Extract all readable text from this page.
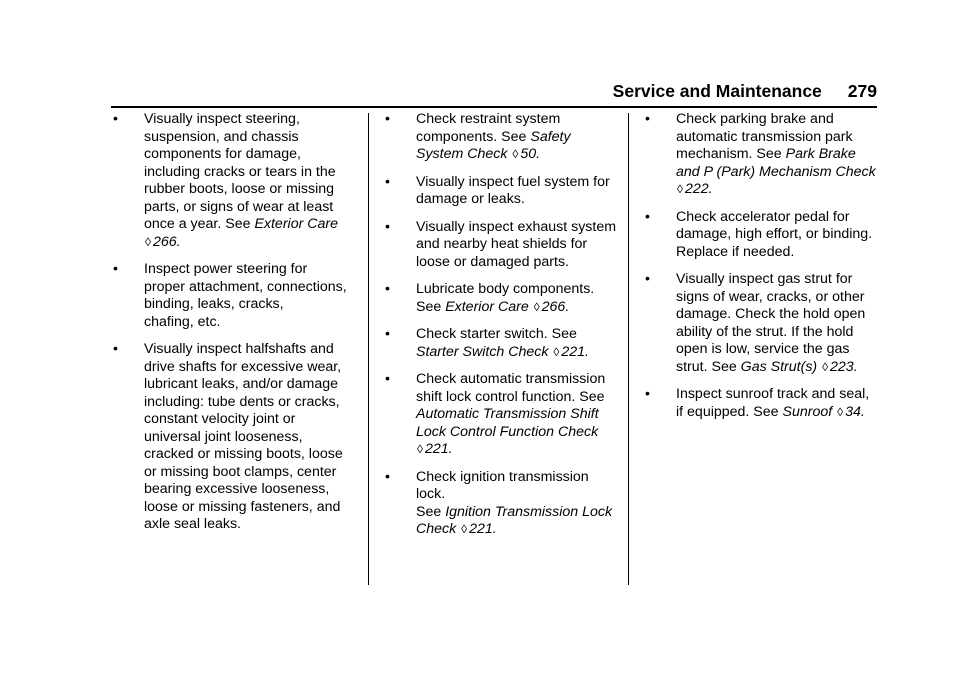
Service and Maintenance 279
• Visually inspect steering,
suspension, and chassis
components for damage,
including cracks or tears in the
rubber boots, loose or missing
parts, or signs of wear at least
once a year. See Exterior Care ◊ 266.
• Inspect power steering for
proper attachment, connections,
binding, leaks, cracks,
chafing, etc.
• Visually inspect halfshafts and
drive shafts for excessive wear,
lubricant leaks, and/or damage
including: tube dents or cracks,
constant velocity joint or
universal joint looseness,
cracked or missing boots, loose
or missing boot clamps, center
bearing excessive looseness,
loose or missing fasteners, and
axle seal leaks.
• Check restraint system
components. See Safety System Check ◊ 50.
• Visually inspect fuel system for
damage or leaks.
• Visually inspect exhaust system
and nearby heat shields for
loose or damaged parts.
• Lubricate body components. See Exterior Care ◊ 266.
• Check starter switch. See Starter Switch Check ◊ 221.
• Check automatic transmission
shift lock control function. See Automatic Transmission Shift Lock Control Function Check ◊ 221.
• Check ignition transmission lock.
See Ignition Transmission Lock Check ◊ 221.
• Check parking brake and
automatic transmission park
mechanism. See Park Brake and P (Park) Mechanism Check ◊ 222.
• Check accelerator pedal for
damage, high effort, or binding.
Replace if needed.
• Visually inspect gas strut for
signs of wear, cracks, or other
damage. Check the hold open
ability of the strut. If the hold
open is low, service the gas
strut. See Gas Strut(s) ◊ 223.
• Inspect sunroof track and seal,
if equipped. See Sunroof ◊ 34.
